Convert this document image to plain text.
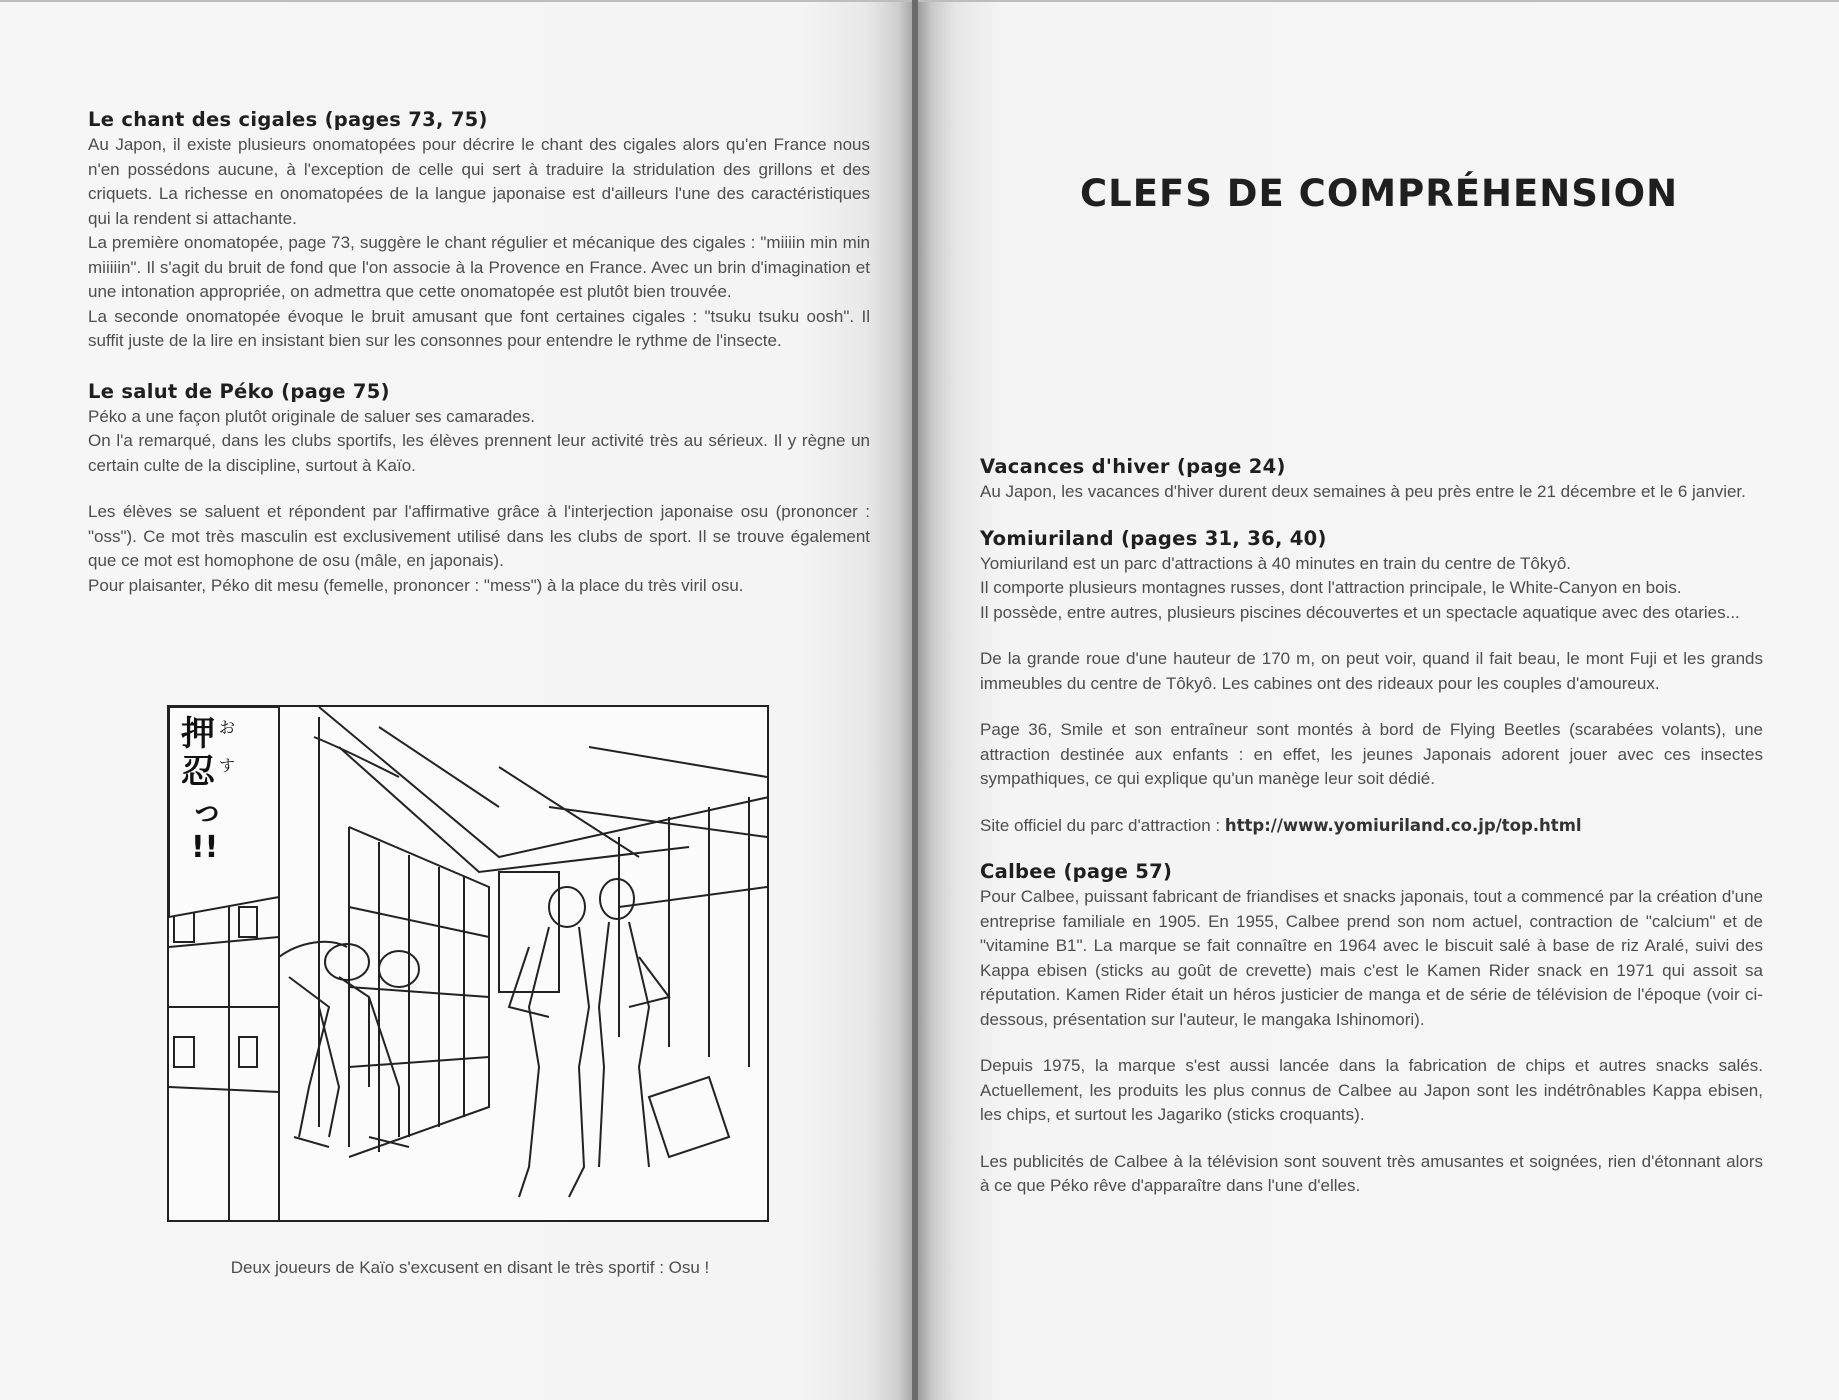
Le chant des cigales (pages 73, 75)

Au Japon, il existe plusieurs onomatopées pour décrire le chant des cigales alors qu'en France nous n'en possédons aucune, à l'exception de celle qui sert à traduire la stridulation des grillons et des criquets. La richesse en onomatopées de la langue japonaise est d'ailleurs l'une des caractéristiques qui la rendent si attachante.

La première onomatopée, page 73, suggère le chant régulier et mécanique des cigales : "miiiin min min miiiiin". Il s'agit du bruit de fond que l'on associe à la Provence en France. Avec un brin d'imagination et une intonation appropriée, on admettra que cette onomatopée est plutôt bien trouvée.

La seconde onomatopée évoque le bruit amusant que font certaines cigales : "tsuku tsuku oosh". Il suffit juste de la lire en insistant bien sur les consonnes pour entendre le rythme de l'insecte.

Le salut de Péko (page 75)

Péko a une façon plutôt originale de saluer ses camarades.

On l'a remarqué, dans les clubs sportifs, les élèves prennent leur activité très au sérieux. Il y règne un certain culte de la discipline, surtout à Kaïo.

Les élèves se saluent et répondent par l'affirmative grâce à l'interjection japonaise osu (prononcer : "oss"). Ce mot très masculin est exclusivement utilisé dans les clubs de sport. Il se trouve également que ce mot est homophone de osu (mâle, en japonais).

Pour plaisanter, Péko dit mesu (femelle, prononcer : "mess") à la place du très viril osu.

押 お
忍 す
っ
!!
Deux joueurs de Kaïo s'excusent en disant le très sportif : Osu !
CLEFS DE COMPRÉHENSION
Vacances d'hiver (page 24)

Au Japon, les vacances d'hiver durent deux semaines à peu près entre le 21 décembre et le 6 janvier.

Yomiuriland (pages 31, 36, 40)

Yomiuriland est un parc d'attractions à 40 minutes en train du centre de Tôkyô.

Il comporte plusieurs montagnes russes, dont l'attraction principale, le White-Canyon en bois.

Il possède, entre autres, plusieurs piscines découvertes et un spectacle aquatique avec des otaries...

De la grande roue d'une hauteur de 170 m, on peut voir, quand il fait beau, le mont Fuji et les grands immeubles du centre de Tôkyô. Les cabines ont des rideaux pour les couples d'amoureux.

Page 36, Smile et son entraîneur sont montés à bord de Flying Beetles (scarabées volants), une attraction destinée aux enfants : en effet, les jeunes Japonais adorent jouer avec ces insectes sympathiques, ce qui explique qu'un manège leur soit dédié.

Site officiel du parc d'attraction : http://www.yomiuriland.co.jp/top.html

Calbee (page 57)

Pour Calbee, puissant fabricant de friandises et snacks japonais, tout a commencé par la création d'une entreprise familiale en 1905. En 1955, Calbee prend son nom actuel, contraction de "calcium" et de "vitamine B1". La marque se fait connaître en 1964 avec le biscuit salé à base de riz Aralé, suivi des Kappa ebisen (sticks au goût de crevette) mais c'est le Kamen Rider snack en 1971 qui assoit sa réputation. Kamen Rider était un héros justicier de manga et de série de télévision de l'époque (voir ci-dessous, présentation sur l'auteur, le mangaka Ishinomori).

Depuis 1975, la marque s'est aussi lancée dans la fabrication de chips et autres snacks salés. Actuellement, les produits les plus connus de Calbee au Japon sont les indétrônables Kappa ebisen, les chips, et surtout les Jagariko (sticks croquants).

Les publicités de Calbee à la télévision sont souvent très amusantes et soignées, rien d'étonnant alors à ce que Péko rêve d'apparaître dans l'une d'elles.
